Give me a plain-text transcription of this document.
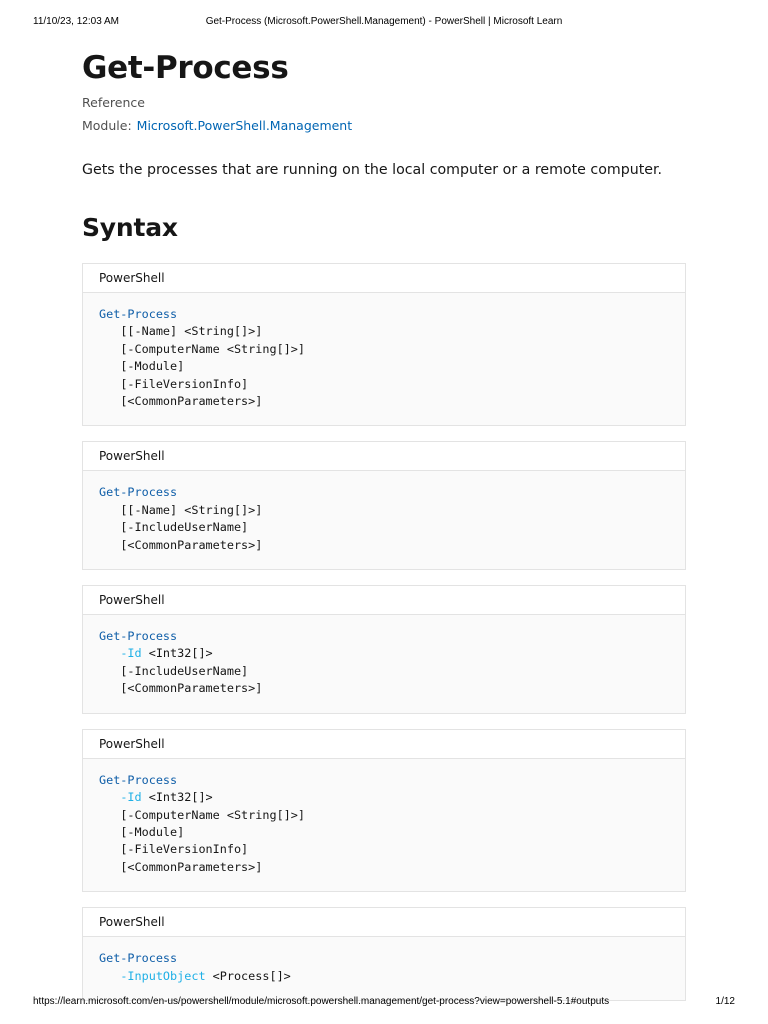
11/10/23, 12:03 AM	Get-Process (Microsoft.PowerShell.Management) - PowerShell | Microsoft Learn
Get-Process
Reference
Module: Microsoft.PowerShell.Management

Gets the processes that are running on the local computer or a remote computer.

Syntax
PowerShell
Get-Process
[[-Name] <String[]>]
[-ComputerName <String[]>]
[-Module]
[-FileVersionInfo]
[<CommonParameters>]
PowerShell
Get-Process
[[-Name] <String[]>]
[-IncludeUserName]
[<CommonParameters>]
PowerShell
Get-Process
-Id <Int32[]>
[-IncludeUserName]
[<CommonParameters>]
PowerShell
Get-Process
-Id <Int32[]>
[-ComputerName <String[]>]
[-Module]
[-FileVersionInfo]
[<CommonParameters>]
PowerShell
Get-Process
-InputObject <Process[]>
https://learn.microsoft.com/en-us/powershell/module/microsoft.powershell.management/get-process?view=powershell-5.1#outputs	1/12
